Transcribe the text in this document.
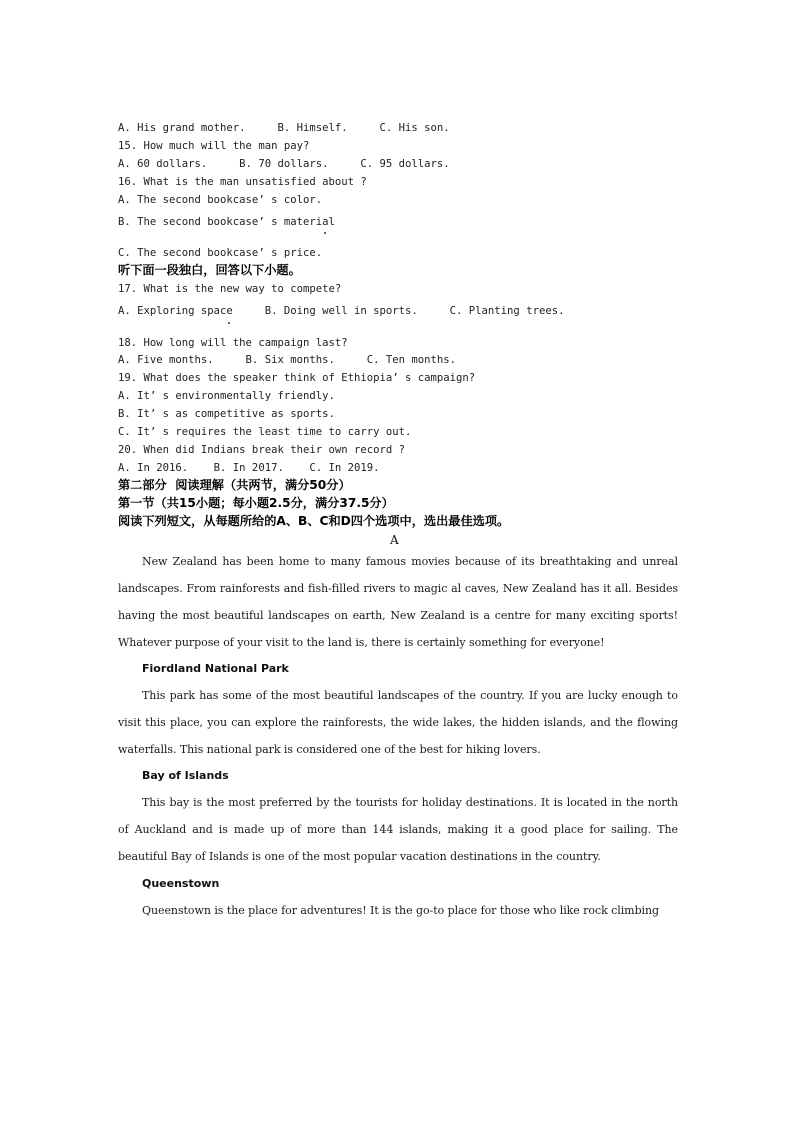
A. His grand mother.     B. Himself.     C. His son.
15. How much will the man pay?
A. 60 dollars.     B. 70 dollars.     C. 95 dollars.
16. What is the man unsatisfied about ?
A. The second bookcase’ s color.
B. The second bookcase’ s material
C. The second bookcase’ s price.
听下面一段独白，回答以下小题。
17. What is the new way to compete?
A. Exploring space     B. Doing well in sports.     C. Planting trees.
18. How long will the campaign last?
A. Five months.     B. Six months.     C. Ten months.
19. What does the speaker think of Ethiopia’ s campaign?
A. It’ s environmentally friendly.
B. It’ s as competitive as sports.
C. It’ s requires the least time to carry out.
20. When did Indians break their own record ?
A. In 2016.    B. In 2017.    C. In 2019.
第二部分  阅读理解（共两节，满分50分）
第一节（共15小题；每小题2.5分，满分37.5分）
阅读下列短文，从每题所给的A、B、C和D四个选项中，选出最佳选项。
A
New Zealand has been home to many famous movies because of its breathtaking and unreal landscapes. From rainforests and fish-filled rivers to magic al caves, New Zealand has it all. Besides having the most beautiful landscapes on earth, New Zealand is a centre for many exciting sports! Whatever purpose of your visit to the land is, there is certainly something for everyone!
Fiordland National Park
This park has some of the most beautiful landscapes of the country. If you are lucky enough to visit this place, you can explore the rainforests, the wide lakes, the hidden islands, and the flowing waterfalls. This national park is considered one of the best for hiking lovers.
Bay of Islands
This bay is the most preferred by the tourists for holiday destinations. It is located in the north of Auckland and is made up of more than 144 islands, making it a good place for sailing. The beautiful Bay of Islands is one of the most popular vacation destinations in the country.
Queenstown
Queenstown is the place for adventures! It is the go-to place for those who like rock climbing
